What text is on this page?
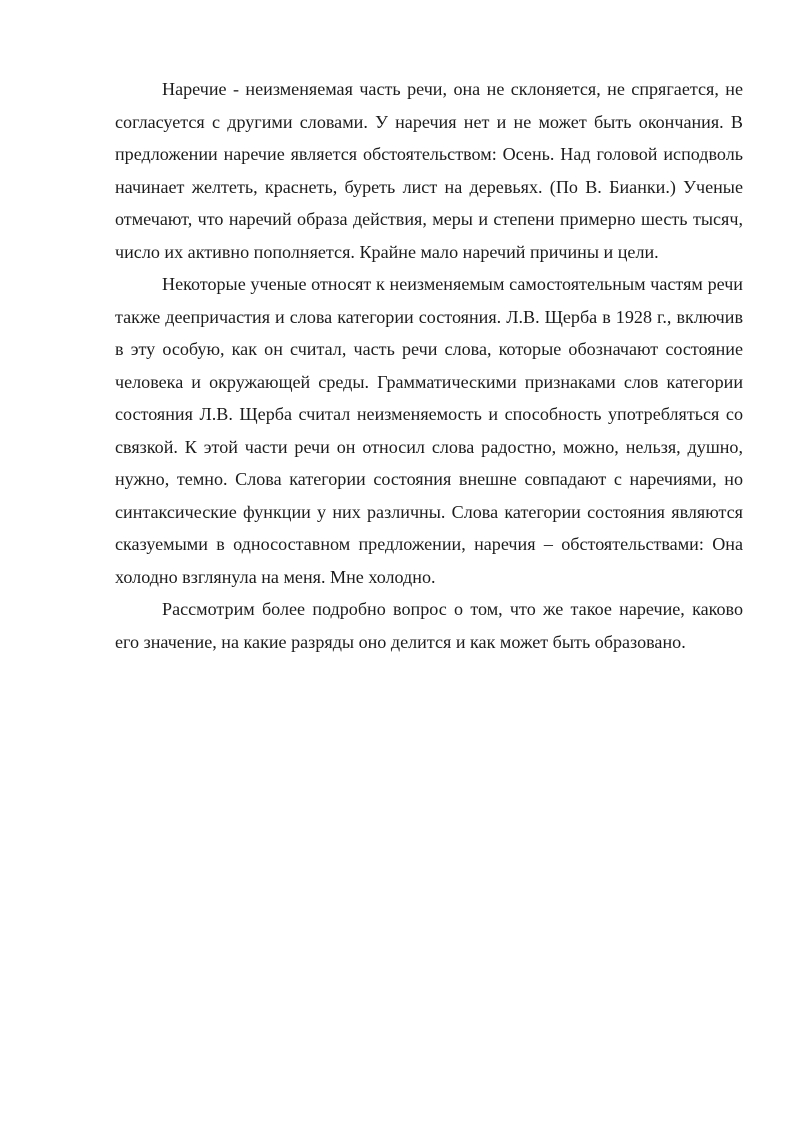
Наречие - неизменяемая часть речи, она не склоняется, не спрягается, не согласуется с другими словами. У наречия нет и не может быть окончания. В предложении наречие является обстоятельством: Осень. Над головой исподволь начинает желтеть, краснеть, буреть лист на деревьях. (По В. Бианки.) Ученые отмечают, что наречий образа действия, меры и степени примерно шесть тысяч, число их активно пополняется. Крайне мало наречий причины и цели.

Некоторые ученые относят к неизменяемым самостоятельным частям речи также деепричастия и слова категории состояния. Л.В. Щерба в 1928 г., включив в эту особую, как он считал, часть речи слова, которые обозначают состояние человека и окружающей среды. Грамматическими признаками слов категории состояния Л.В. Щерба считал неизменяемость и способность употребляться со связкой. К этой части речи он относил слова радостно, можно, нельзя, душно, нужно, темно. Слова категории состояния внешне совпадают с наречиями, но синтаксические функции у них различны. Слова категории состояния являются сказуемыми в односоставном предложении, наречия – обстоятельствами: Она холодно взглянула на меня. Мне холодно.

Рассмотрим более подробно вопрос о том, что же такое наречие, каково его значение, на какие разряды оно делится и как может быть образовано.
